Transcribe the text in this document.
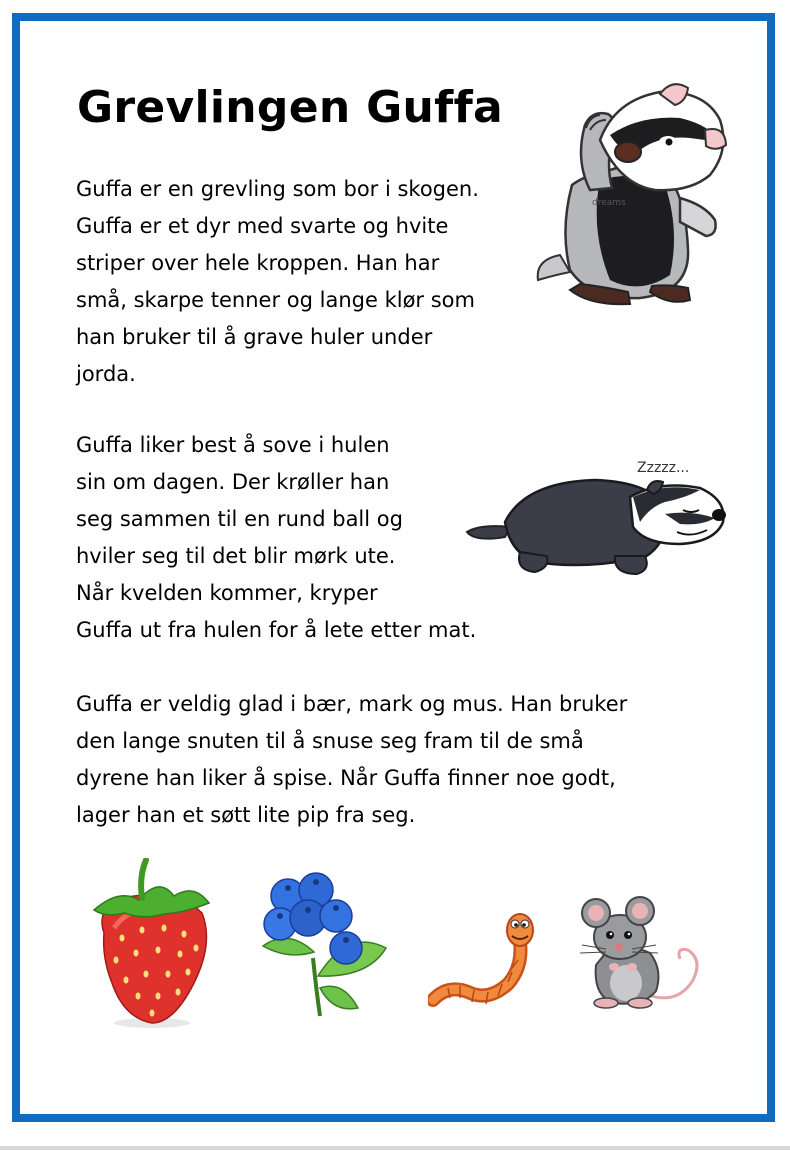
Grevlingen Guffa
Guffa er en grevling som bor i skogen.
Guffa er et dyr med svarte og hvite
striper over hele kroppen. Han har
små, skarpe tenner og lange klør som
han bruker til å grave huler under
jorda.
Guffa liker best å sove i hulen
sin om dagen. Der krøller han
seg sammen til en rund ball og
hviler seg til det blir mørk ute.
Når kvelden kommer, kryper
Guffa ut fra hulen for å lete etter mat.
Guffa er veldig glad i bær, mark og mus. Han bruker
den lange snuten til å snuse seg fram til de små
dyrene han liker å spise. Når Guffa finner noe godt,
lager han et søtt lite pip fra seg.
dreams
Zzzzz...
